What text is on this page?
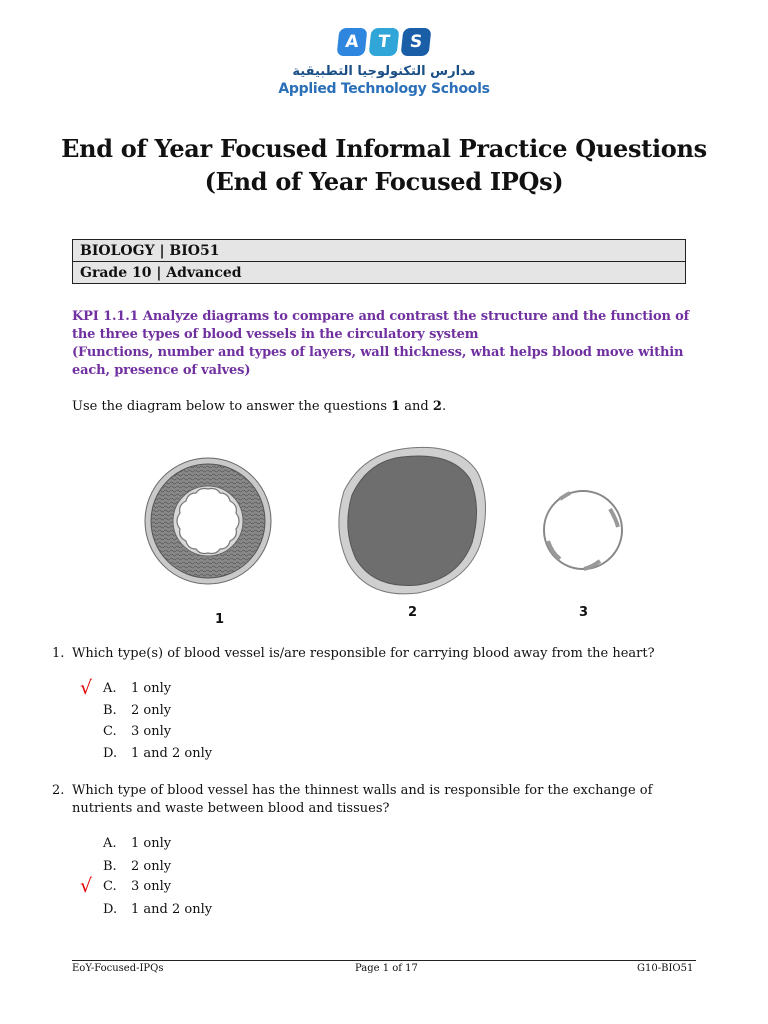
A	T	S
مدارس التكنولوجيا التطبيقية
Applied Technology Schools
End of Year Focused Informal Practice Questions
(End of Year Focused IPQs)
BIOLOGY | BIO51
Grade 10 | Advanced
KPI 1.1.1 Analyze diagrams to compare and contrast the structure and the function of the three types of blood vessels in the circulatory system
(Functions, number and types of layers, wall thickness, what helps blood move within each, presence of valves)
Use the diagram below to answer the questions 1 and 2.
1	2	3
1. Which type(s) of blood vessel is/are responsible for carrying blood away from the heart?
√ A. 1 only
B. 2 only
C. 3 only
D. 1 and 2 only
2. Which type of blood vessel has the thinnest walls and is responsible for the exchange of nutrients and waste between blood and tissues?
A. 1 only
B. 2 only
√ C. 3 only
D. 1 and 2 only
EoY-Focused-IPQs	Page 1 of 17	G10-BIO51
